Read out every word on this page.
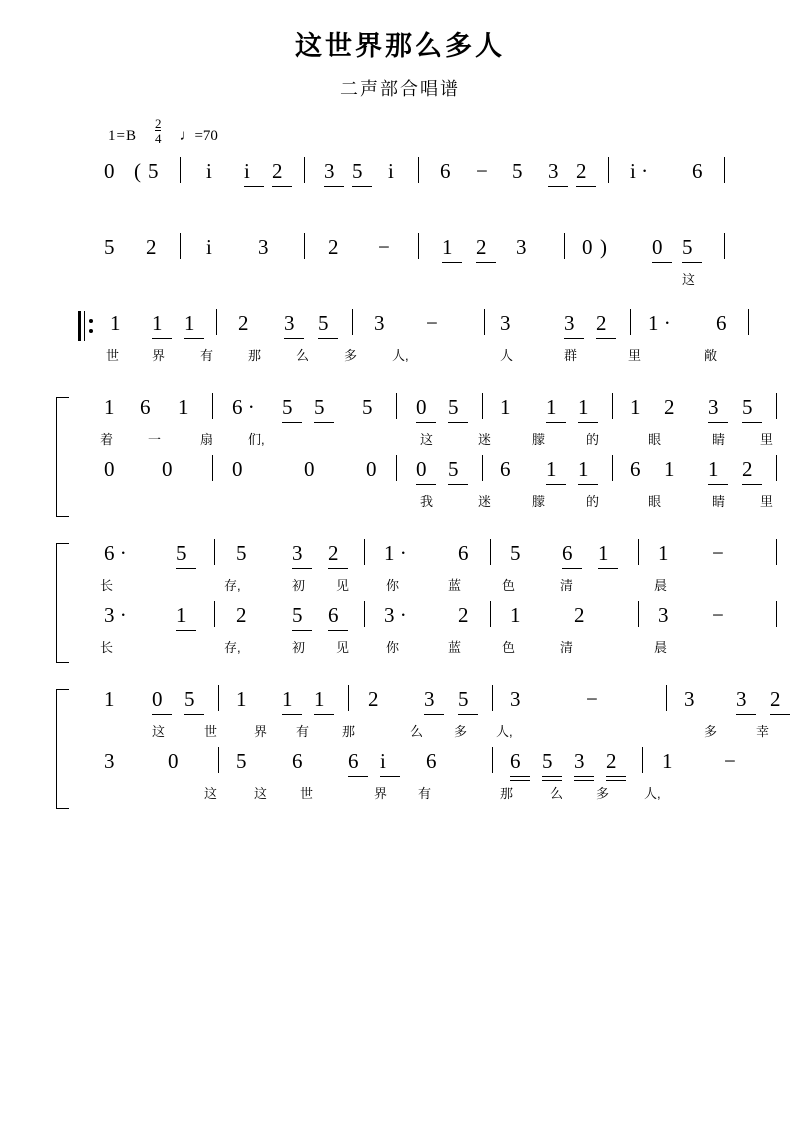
这世界那么多人
二声部合唱谱
$1=B \frac{2}{4}$ ♩=70
0 ( 5 i i 2 3 5 i 6 − 5 3 2 i · 6
5 2 i 3	2 − 1 2 3	0 ) 0 5
这
1 1 1 2 3 5 3 −	3	3 2 1 · 6
世	界	有	那	么	多	人,	人	群	里	敞
1 6 1 6 · 5 5 5 0 5 1 1 1 1 2 3 5
着	一	扇	们,	这	迷	朦	的	眼	睛	里
0 0	0	0 0 0 5 6 1 1 6 1 1 2
我	迷	朦	的	眼	睛	里
6 · 5 5 3 2 1 · 6 5 6 1 1 −
长	存,	初 见	你	蓝	色	清	晨
3 · 1 2 5 6 3 · 2 1	2	3 −
长	存,	初 见	你	蓝	色	清	晨
1 0 5 1 1 1 2 3 5 3	−	3 3 2
这	世	界 有	那	么 多 人,	多	幸
3	0	5 6 6 i 6	6 5 3 2 1 −
这	这	世	界 有	那	么	多	人,
